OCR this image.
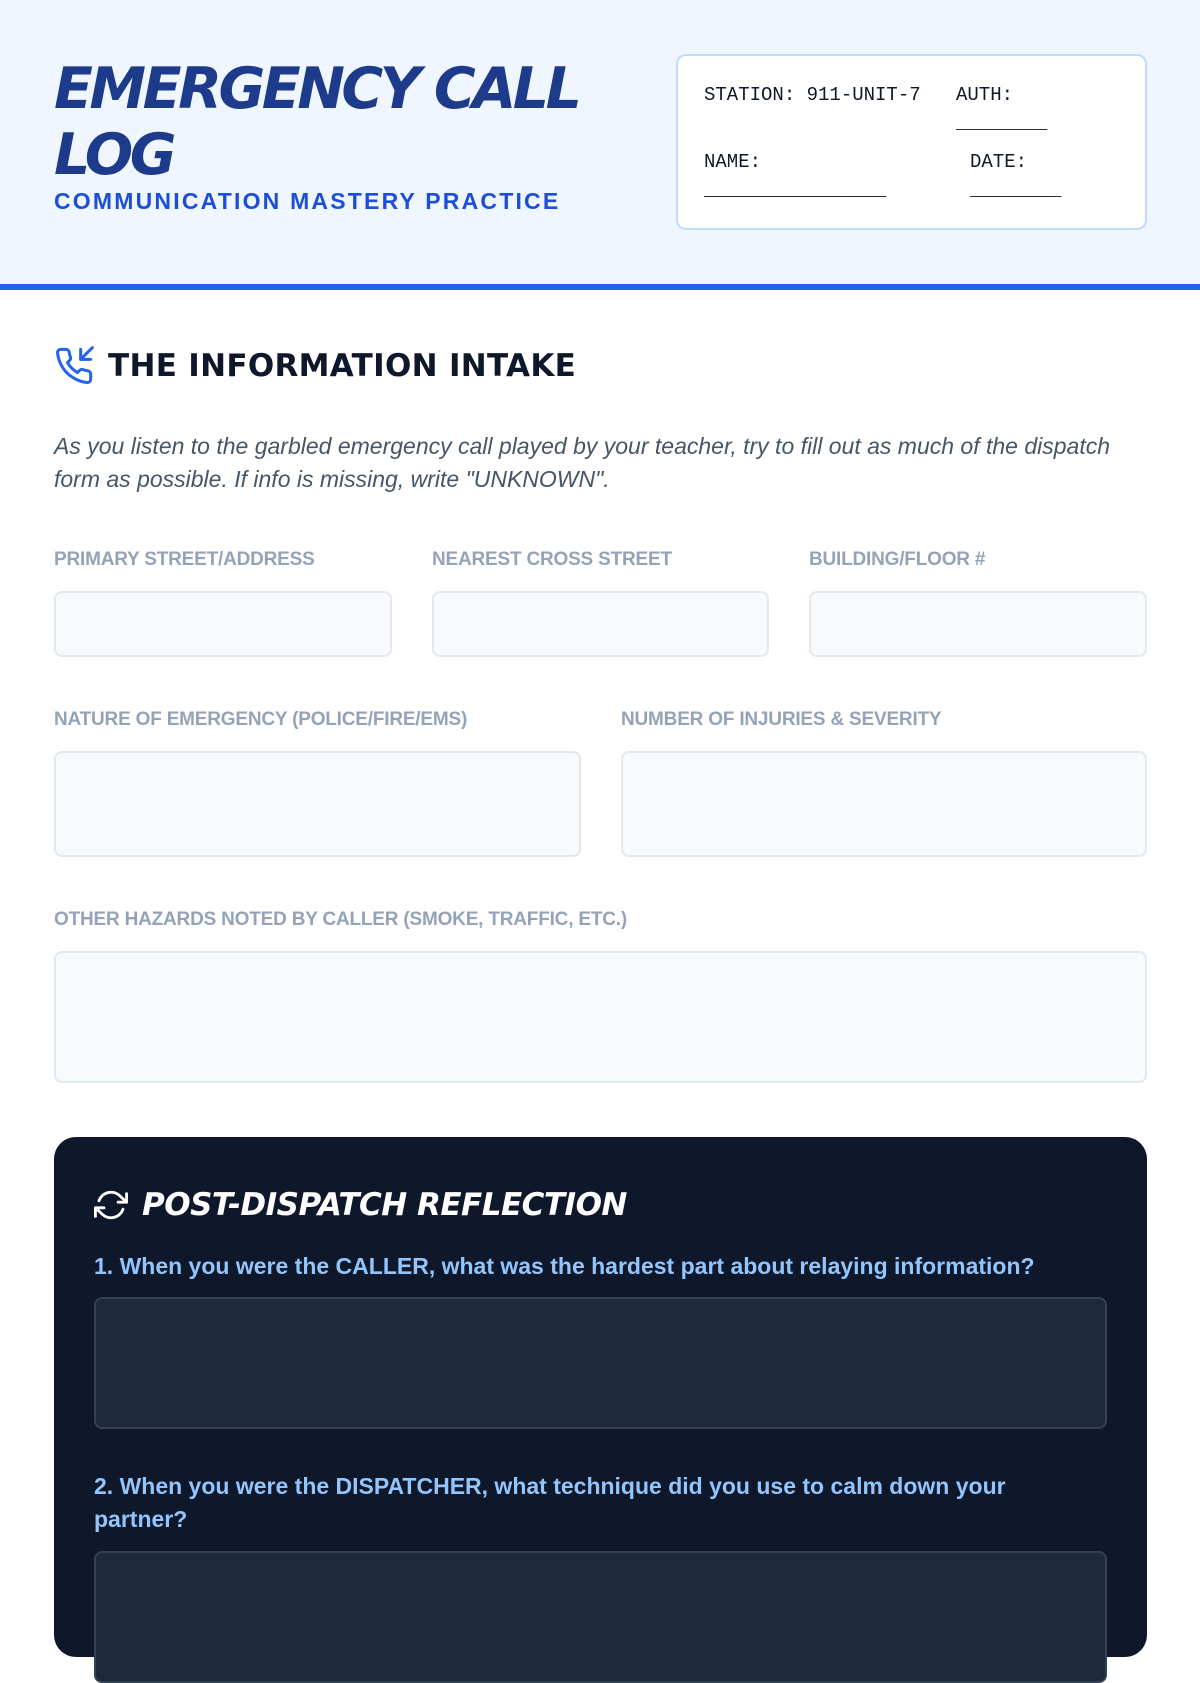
EMERGENCY CALL LOG
COMMUNICATION MASTERY PRACTICE
STATION: 911-UNIT-7	AUTH:
________
NAME:
________________
DATE:
________
THE INFORMATION INTAKE

As you listen to the garbled emergency call played by your teacher, try to fill out as much of the dispatch form as possible. If info is missing, write "UNKNOWN".

PRIMARY STREET/ADDRESS	NEAREST CROSS STREET	BUILDING/FLOOR #
NATURE OF EMERGENCY (POLICE/FIRE/EMS)	NUMBER OF INJURIES & SEVERITY
OTHER HAZARDS NOTED BY CALLER (SMOKE, TRAFFIC, ETC.)
POST-DISPATCH REFLECTION
1. When you were the CALLER, what was the hardest part about relaying information?
2. When you were the DISPATCHER, what technique did you use to calm down your partner?
